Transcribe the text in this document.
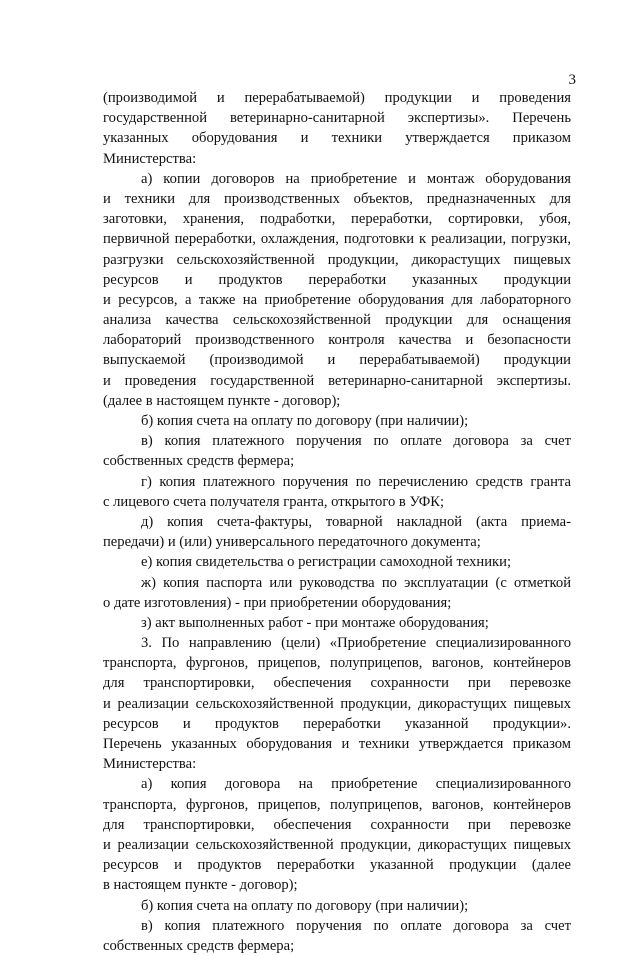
3
(производимой и перерабатываемой) продукции и проведения
государственной ветеринарно-санитарной экспертизы». Перечень
указанных оборудования и техники утверждается приказом
Министерства:
а) копии договоров на приобретение и монтаж оборудования
и техники для производственных объектов, предназначенных для
заготовки, хранения, подработки, переработки, сортировки, убоя,
первичной переработки, охлаждения, подготовки к реализации, погрузки,
разгрузки сельскохозяйственной продукции, дикорастущих пищевых
ресурсов и продуктов переработки указанных продукции
и ресурсов, а также на приобретение оборудования для лабораторного
анализа качества сельскохозяйственной продукции для оснащения
лабораторий производственного контроля качества и безопасности
выпускаемой (производимой и перерабатываемой) продукции
и проведения государственной ветеринарно-санитарной экспертизы.
(далее в настоящем пункте - договор);
б) копия счета на оплату по договору (при наличии);
в) копия платежного поручения по оплате договора за счет
собственных средств фермера;
г) копия платежного поручения по перечислению средств гранта
с лицевого счета получателя гранта, открытого в УФК;
д) копия счета-фактуры, товарной накладной (акта приема-
передачи) и (или) универсального передаточного документа;
е) копия свидетельства о регистрации самоходной техники;
ж) копия паспорта или руководства по эксплуатации (с отметкой
о дате изготовления) - при приобретении оборудования;
з) акт выполненных работ - при монтаже оборудования;
3. По направлению (цели) «Приобретение специализированного
транспорта, фургонов, прицепов, полуприцепов, вагонов, контейнеров
для транспортировки, обеспечения сохранности при перевозке
и реализации сельскохозяйственной продукции, дикорастущих пищевых
ресурсов и продуктов переработки указанной продукции».
Перечень указанных оборудования и техники утверждается приказом
Министерства:
а) копия договора на приобретение специализированного
транспорта, фургонов, прицепов, полуприцепов, вагонов, контейнеров
для транспортировки, обеспечения сохранности при перевозке
и реализации сельскохозяйственной продукции, дикорастущих пищевых
ресурсов и продуктов переработки указанной продукции (далее
в настоящем пункте - договор);
б) копия счета на оплату по договору (при наличии);
в) копия платежного поручения по оплате договора за счет
собственных средств фермера;
